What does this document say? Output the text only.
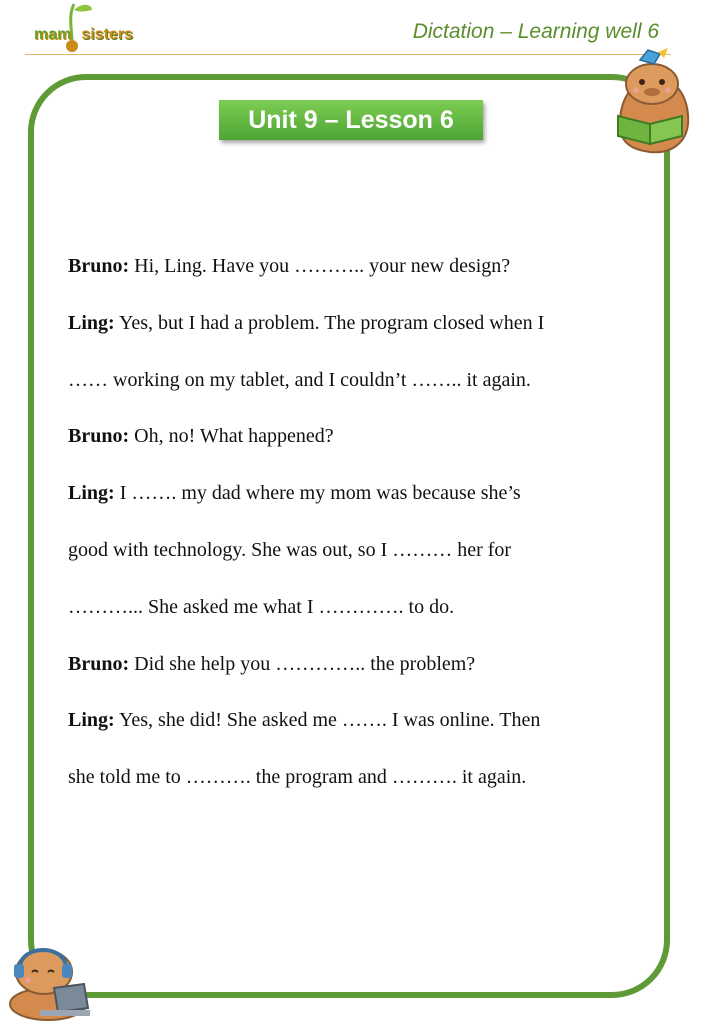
mam sisters	Dictation – Learning well 6
Unit 9 – Lesson 6
Bruno: Hi, Ling. Have you ……….. your new design?
Ling: Yes, but I had a problem. The program closed when I
…… working on my tablet, and I couldn’t …….. it again.
Bruno: Oh, no! What happened?
Ling: I ……. my dad where my mom was because she’s
good with technology. She was out, so I ……… her for
………... She asked me what I …………. to do.
Bruno: Did she help you ………….. the problem?
Ling: Yes, she did! She asked me ……. I was online. Then
she told me to ………. the program and ………. it again.
